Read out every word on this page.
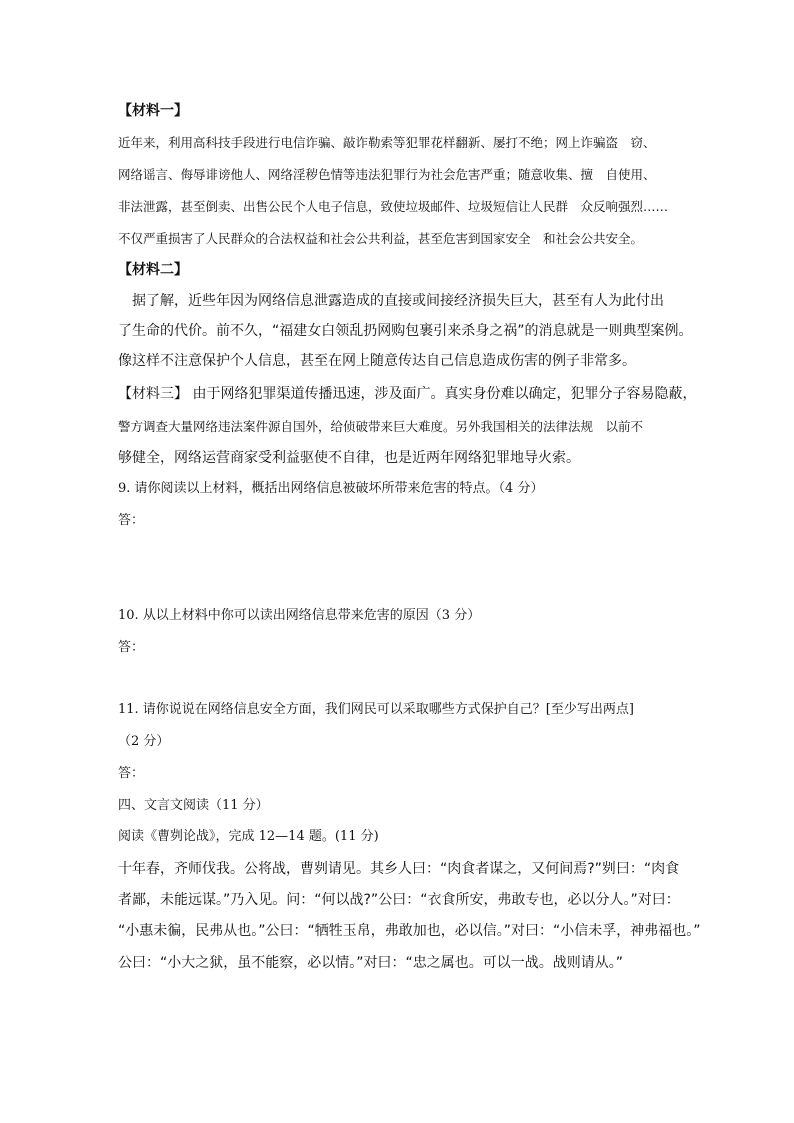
【材料一】
近年来，利用高科技手段进行电信诈骗、敲诈勒索等犯罪花样翻新、屡打不绝；网上诈骗盗　窃、
网络谣言、侮辱诽谤他人、网络淫秽色情等违法犯罪行为社会危害严重；随意收集、擅　自使用、
非法泄露，甚至倒卖、出售公民个人电子信息，致使垃圾邮件、垃圾短信让人民群　众反响强烈……
不仅严重损害了人民群众的合法权益和社会公共利益，甚至危害到国家安全　和社会公共安全。
【材料二】
　据了解，近些年因为网络信息泄露造成的直接或间接经济损失巨大，甚至有人为此付出
了生命的代价。前不久，“福建女白领乱扔网购包裹引来杀身之祸”的消息就是一则典型案例。
像这样不注意保护个人信息，甚至在网上随意传达自己信息造成伤害的例子非常多。
【材料三】 由于网络犯罪渠道传播迅速，涉及面广。真实身份难以确定，犯罪分子容易隐蔽，
警方调查大量网络违法案件源自国外，给侦破带来巨大难度。另外我国相关的法律法规　以前不
够健全，网络运营商家受利益驱使不自律，也是近两年网络犯罪地导火索。
9. 请你阅读以上材料，概括出网络信息被破坏所带来危害的特点。（4 分）
答：
10. 从以上材料中你可以读出网络信息带来危害的原因（3 分）
答：
11. 请你说说在网络信息安全方面，我们网民可以采取哪些方式保护自己？[至少写出两点]
（2 分）
答：
四、文言文阅读（11 分）
阅读《曹刿论战》，完成 12—14 题。(11 分)
十年春，齐师伐我。公将战，曹刿请见。其乡人曰：“肉食者谋之，又何间焉?”刿曰：“肉食
者鄙，未能远谋。”乃入见。问：“何以战?”公曰：“衣食所安，弗敢专也，必以分人。”对曰：
“小惠未徧，民弗从也。”公曰：“牺牲玉帛，弗敢加也，必以信。”对曰：“小信未孚，神弗福也。”
公曰：“小大之狱，虽不能察，必以情。”对曰：“忠之属也。可以一战。战则请从。”
